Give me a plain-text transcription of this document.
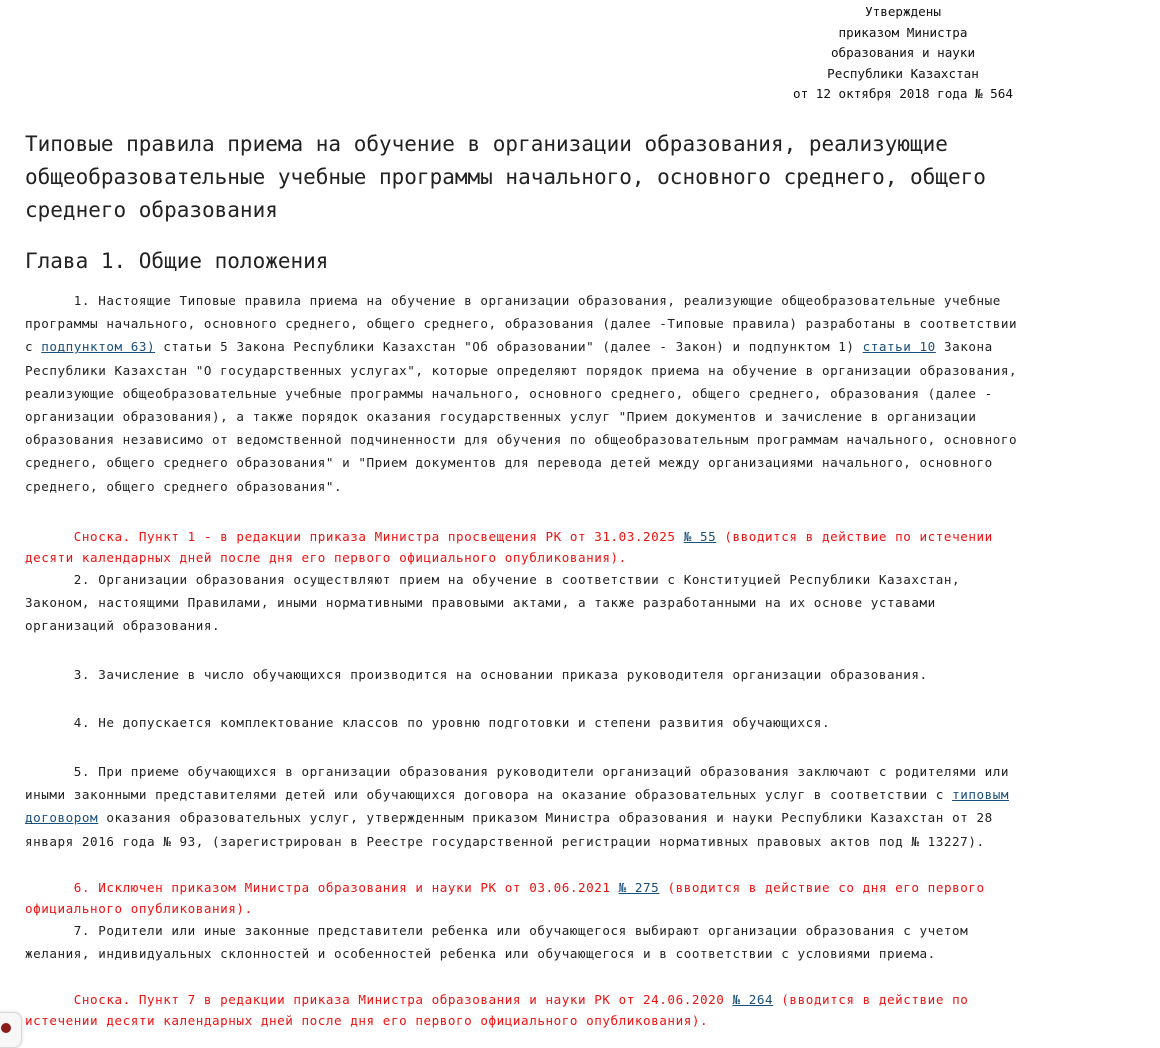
Утверждены
приказом Министра
образования и науки
Республики Казахстан
от 12 октября 2018 года № 564
Типовые правила приема на обучение в организации образования, реализующие
общеобразовательные учебные программы начального, основного среднего, общего
среднего образования
Глава 1. Общие положения
1. Настоящие Типовые правила приема на обучение в организации образования, реализующие общеобразовательные учебные
программы начального, основного среднего, общего среднего, образования (далее -Типовые правила) разработаны в соответствии
с подпунктом 63) статьи 5 Закона Республики Казахстан "Об образовании" (далее - Закон) и подпунктом 1) статьи 10 Закона
Республики Казахстан "О государственных услугах", которые определяют порядок приема на обучение в организации образования,
реализующие общеобразовательные учебные программы начального, основного среднего, общего среднего, образования (далее -
организации образования), а также порядок оказания государственных услуг "Прием документов и зачисление в организации
образования независимо от ведомственной подчиненности для обучения по общеобразовательным программам начального, основного
среднего, общего среднего образования" и "Прием документов для перевода детей между организациями начального, основного
среднего, общего среднего образования".
Сноска. Пункт 1 - в редакции приказа Министра просвещения РК от 31.03.2025 № 55 (вводится в действие по истечении
десяти календарных дней после дня его первого официального опубликования).
2. Организации образования осуществляют прием на обучение в соответствии с Конституцией Республики Казахстан,
Законом, настоящими Правилами, иными нормативными правовыми актами, а также разработанными на их основе уставами
организаций образования.
3. Зачисление в число обучающихся производится на основании приказа руководителя организации образования.
4. Не допускается комплектование классов по уровню подготовки и степени развития обучающихся.
5. При приеме обучающихся в организации образования руководители организаций образования заключают с родителями или
иными законными представителями детей или обучающихся договора на оказание образовательных услуг в соответствии с типовым
договором оказания образовательных услуг, утвержденным приказом Министра образования и науки Республики Казахстан от 28
января 2016 года № 93, (зарегистрирован в Реестре государственной регистрации нормативных правовых актов под № 13227).
6. Исключен приказом Министра образования и науки РК от 03.06.2021 № 275 (вводится в действие со дня его первого
официального опубликования).
7. Родители или иные законные представители ребенка или обучающегося выбирают организации образования с учетом
желания, индивидуальных склонностей и особенностей ребенка или обучающегося и в соответствии с условиями приема.
Сноска. Пункт 7 в редакции приказа Министра образования и науки РК от 24.06.2020 № 264 (вводится в действие по
истечении десяти календарных дней после дня его первого официального опубликования).
